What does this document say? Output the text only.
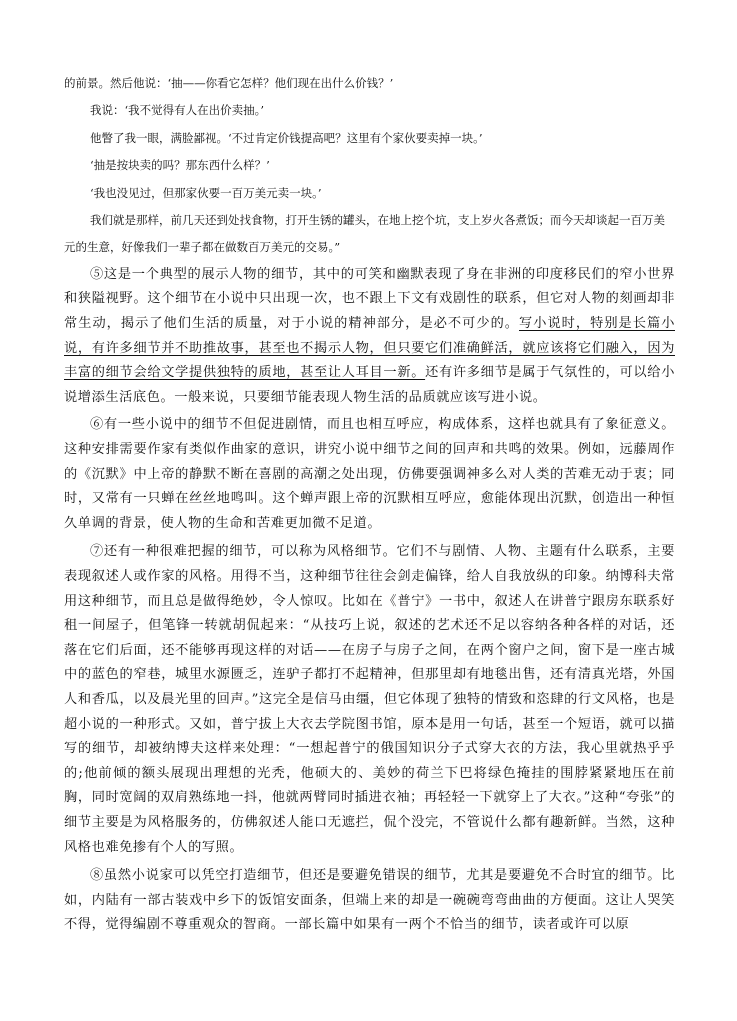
的前景。然后他说：‘抽——你看它怎样？他们现在出什么价钱？’

我说：‘我不觉得有人在出价卖抽。’

他瞥了我一眼，满脸鄙视。‘不过肯定价钱提高吧？这里有个家伙要卖掉一块。’

‘抽是按块卖的吗？那东西什么样？’

‘我也没见过，但那家伙要一百万美元卖一块。’

我们就是那样，前几天还到处找食物，打开生锈的罐头，在地上挖个坑，支上岁火各煮饭；而今天却谈起一百万美元的生意，好像我们一辈子都在做数百万美元的交易。”

⑤这是一个典型的展示人物的细节，其中的可笑和幽默表现了身在非洲的印度移民们的窄小世界和狭隘视野。这个细节在小说中只出现一次，也不跟上下文有戏剧性的联系，但它对人物的刻画却非常生动，揭示了他们生活的质量，对于小说的精神部分，是必不可少的。写小说时，特别是长篇小说，有许多细节并不助推故事，甚至也不揭示人物，但只要它们准确鲜活，就应该将它们融入，因为丰富的细节会给文学提供独特的质地，甚至让人耳目一新。还有许多细节是属于气氛性的，可以给小说增添生活底色。一般来说，只要细节能表现人物生活的品质就应该写进小说。

⑥有一些小说中的细节不但促进剧情，而且也相互呼应，构成体系，这样也就具有了象征意义。这种安排需要作家有类似作曲家的意识，讲究小说中细节之间的回声和共鸣的效果。例如，远藤周作的《沉默》中上帝的静默不断在喜剧的高潮之处出现，仿佛要强调神多么对人类的苦难无动于衷；同时，又常有一只蝉在丝丝地鸣叫。这个蝉声跟上帝的沉默相互呼应，愈能体现出沉默，创造出一种恒久单调的背景，使人物的生命和苦难更加微不足道。

⑦还有一种很难把握的细节，可以称为风格细节。它们不与剧情、人物、主题有什么联系，主要表现叙述人或作家的风格。用得不当，这种细节往往会剑走偏锋，给人自我放纵的印象。纳博科夫常用这种细节，而且总是做得绝妙，令人惊叹。比如在《普宁》一书中，叙述人在讲普宁跟房东联系好租一间屋子，但笔锋一转就胡侃起来：“从技巧上说，叙述的艺术还不足以容纳各种各样的对话，还落在它们后面，还不能够再现这样的对话——在房子与房子之间，在两个窗户之间，窗下是一座古城中的蓝色的窄巷，城里水源匮乏，连驴子都打不起精神，但那里却有地毯出售，还有清真光塔，外国人和香瓜，以及晨光里的回声。”这完全是信马由缰，但它体现了独特的情致和恣肆的行文风格，也是超小说的一种形式。又如，普宁拔上大衣去学院图书馆，原本是用一句话，甚至一个短语，就可以描写的细节，却被纳博夫这样来处理：“一想起普宁的俄国知识分子式穿大衣的方法，我心里就热乎乎的;他前倾的额头展现出理想的光秃，他硕大的、美妙的荷兰下巴将绿色掩挂的围脖紧紧地压在前胸，同时宽阔的双肩熟练地一抖，他就两臂同时插进衣袖；再轻轻一下就穿上了大衣。”这种“夸张”的细节主要是为风格服务的，仿佛叙述人能口无遮拦，侃个没完，不管说什么都有趣新鲜。当然，这种风格也难免掺有个人的写照。

⑧虽然小说家可以凭空打造细节，但还是要避免错误的细节，尤其是要避免不合时宜的细节。比如，内陆有一部古装戏中乡下的饭馆安面条，但端上来的却是一碗碗弯弯曲曲的方便面。这让人哭笑不得，觉得编剧不尊重观众的智商。一部长篇中如果有一两个不恰当的细节，读者或许可以原
